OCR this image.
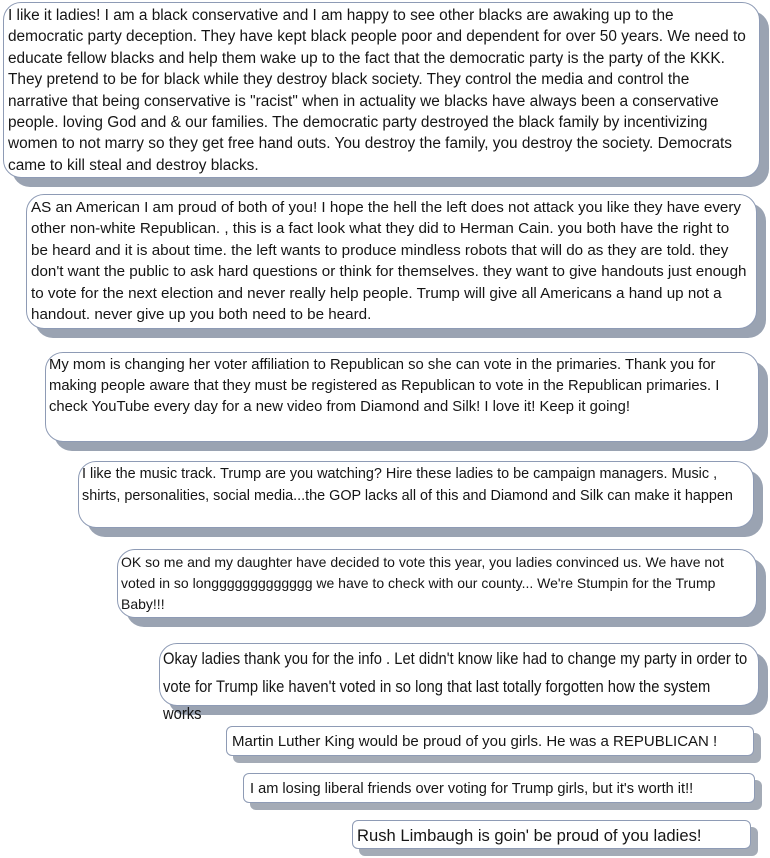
I like it ladies! I am a black conservative and I am happy to see other blacks are awaking up to the democratic party deception. They have kept black people poor and dependent for over 50 years. We need to educate fellow blacks and help them wake up to the fact that the democratic party is the party of the KKK. They pretend to be for black while they destroy black society. They control the media and control the narrative that being conservative is "racist" when in actuality we blacks have always been a conservative people. loving God and & our families. The democratic party destroyed the black family by incentivizing women to not marry so they get free hand outs. You destroy the family, you destroy the society. Democrats came to kill steal and destroy blacks.
AS an American I am proud of both of you! I hope the hell the left does not attack you like they have every other non-white Republican. , this is a fact look what they did to Herman Cain. you both have the right to be heard and it is about time. the left wants to produce mindless robots that will do as they are told. they don't want the public to ask hard questions or think for themselves. they want to give handouts just enough to vote for the next election and never really help people. Trump will give all Americans a hand up not a handout. never give up you both need to be heard.
My mom is changing her voter affiliation to Republican so she can vote in the primaries. Thank you for making people aware that they must be registered as Republican to vote in the Republican primaries. I check YouTube every day for a new video from Diamond and Silk! I love it! Keep it going!
I like the music track. Trump are you watching? Hire these ladies to be campaign managers. Music , shirts, personalities, social media...the GOP lacks all of this and Diamond and Silk can make it happen
OK so me and my daughter have decided to vote this year, you ladies convinced us. We have not voted in so longgggggggggggg we have to check with our county... We're Stumpin for the Trump Baby!!!
Okay ladies thank you for the info . Let didn't know like had to change my party in order to vote for Trump like haven't voted in so long that last totally forgotten how the system works
Martin Luther King would be proud of you girls. He was a REPUBLICAN !
I am losing liberal friends over voting for Trump girls, but it's worth it!!
Rush Limbaugh is goin' be proud of you ladies!
